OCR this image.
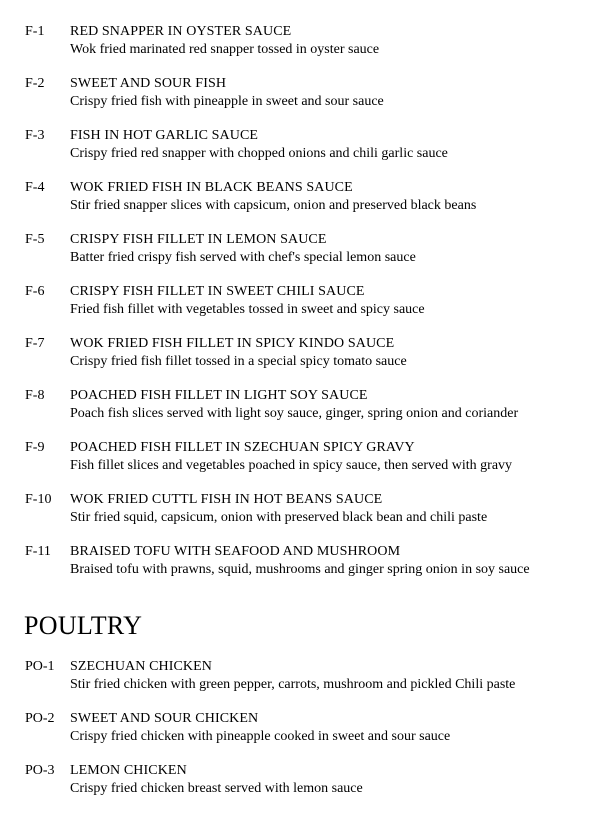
F-1 RED SNAPPER IN OYSTER SAUCE
Wok fried marinated red snapper tossed in oyster sauce
F-2 SWEET AND SOUR FISH
Crispy fried fish with pineapple in sweet and sour sauce
F-3 FISH IN HOT GARLIC SAUCE
Crispy fried red snapper with chopped onions and chili garlic sauce
F-4 WOK FRIED FISH IN BLACK BEANS SAUCE
Stir fried snapper slices with capsicum, onion and preserved black beans
F-5 CRISPY FISH FILLET IN LEMON SAUCE
Batter fried crispy fish served with chef's special lemon sauce
F-6 CRISPY FISH FILLET IN SWEET CHILI SAUCE
Fried fish fillet with vegetables tossed in sweet and spicy sauce
F-7 WOK FRIED FISH FILLET IN SPICY KINDO SAUCE
Crispy fried fish fillet tossed in a special spicy tomato sauce
F-8 POACHED FISH FILLET IN LIGHT SOY SAUCE
Poach fish slices served with light soy sauce, ginger, spring onion and coriander
F-9 POACHED FISH FILLET IN SZECHUAN SPICY GRAVY
Fish fillet slices and vegetables poached in spicy sauce, then served with gravy
F-10 WOK FRIED CUTTL FISH IN HOT BEANS SAUCE
Stir fried squid, capsicum, onion with preserved black bean and chili paste
F-11 BRAISED TOFU WITH SEAFOOD AND MUSHROOM
Braised tofu with prawns, squid, mushrooms and ginger spring onion in soy sauce
POULTRY
PO-1 SZECHUAN CHICKEN
Stir fried chicken with green pepper, carrots, mushroom and pickled Chili paste
PO-2 SWEET AND SOUR CHICKEN
Crispy fried chicken with pineapple cooked in sweet and sour sauce
PO-3 LEMON CHICKEN
Crispy fried chicken breast served with lemon sauce
